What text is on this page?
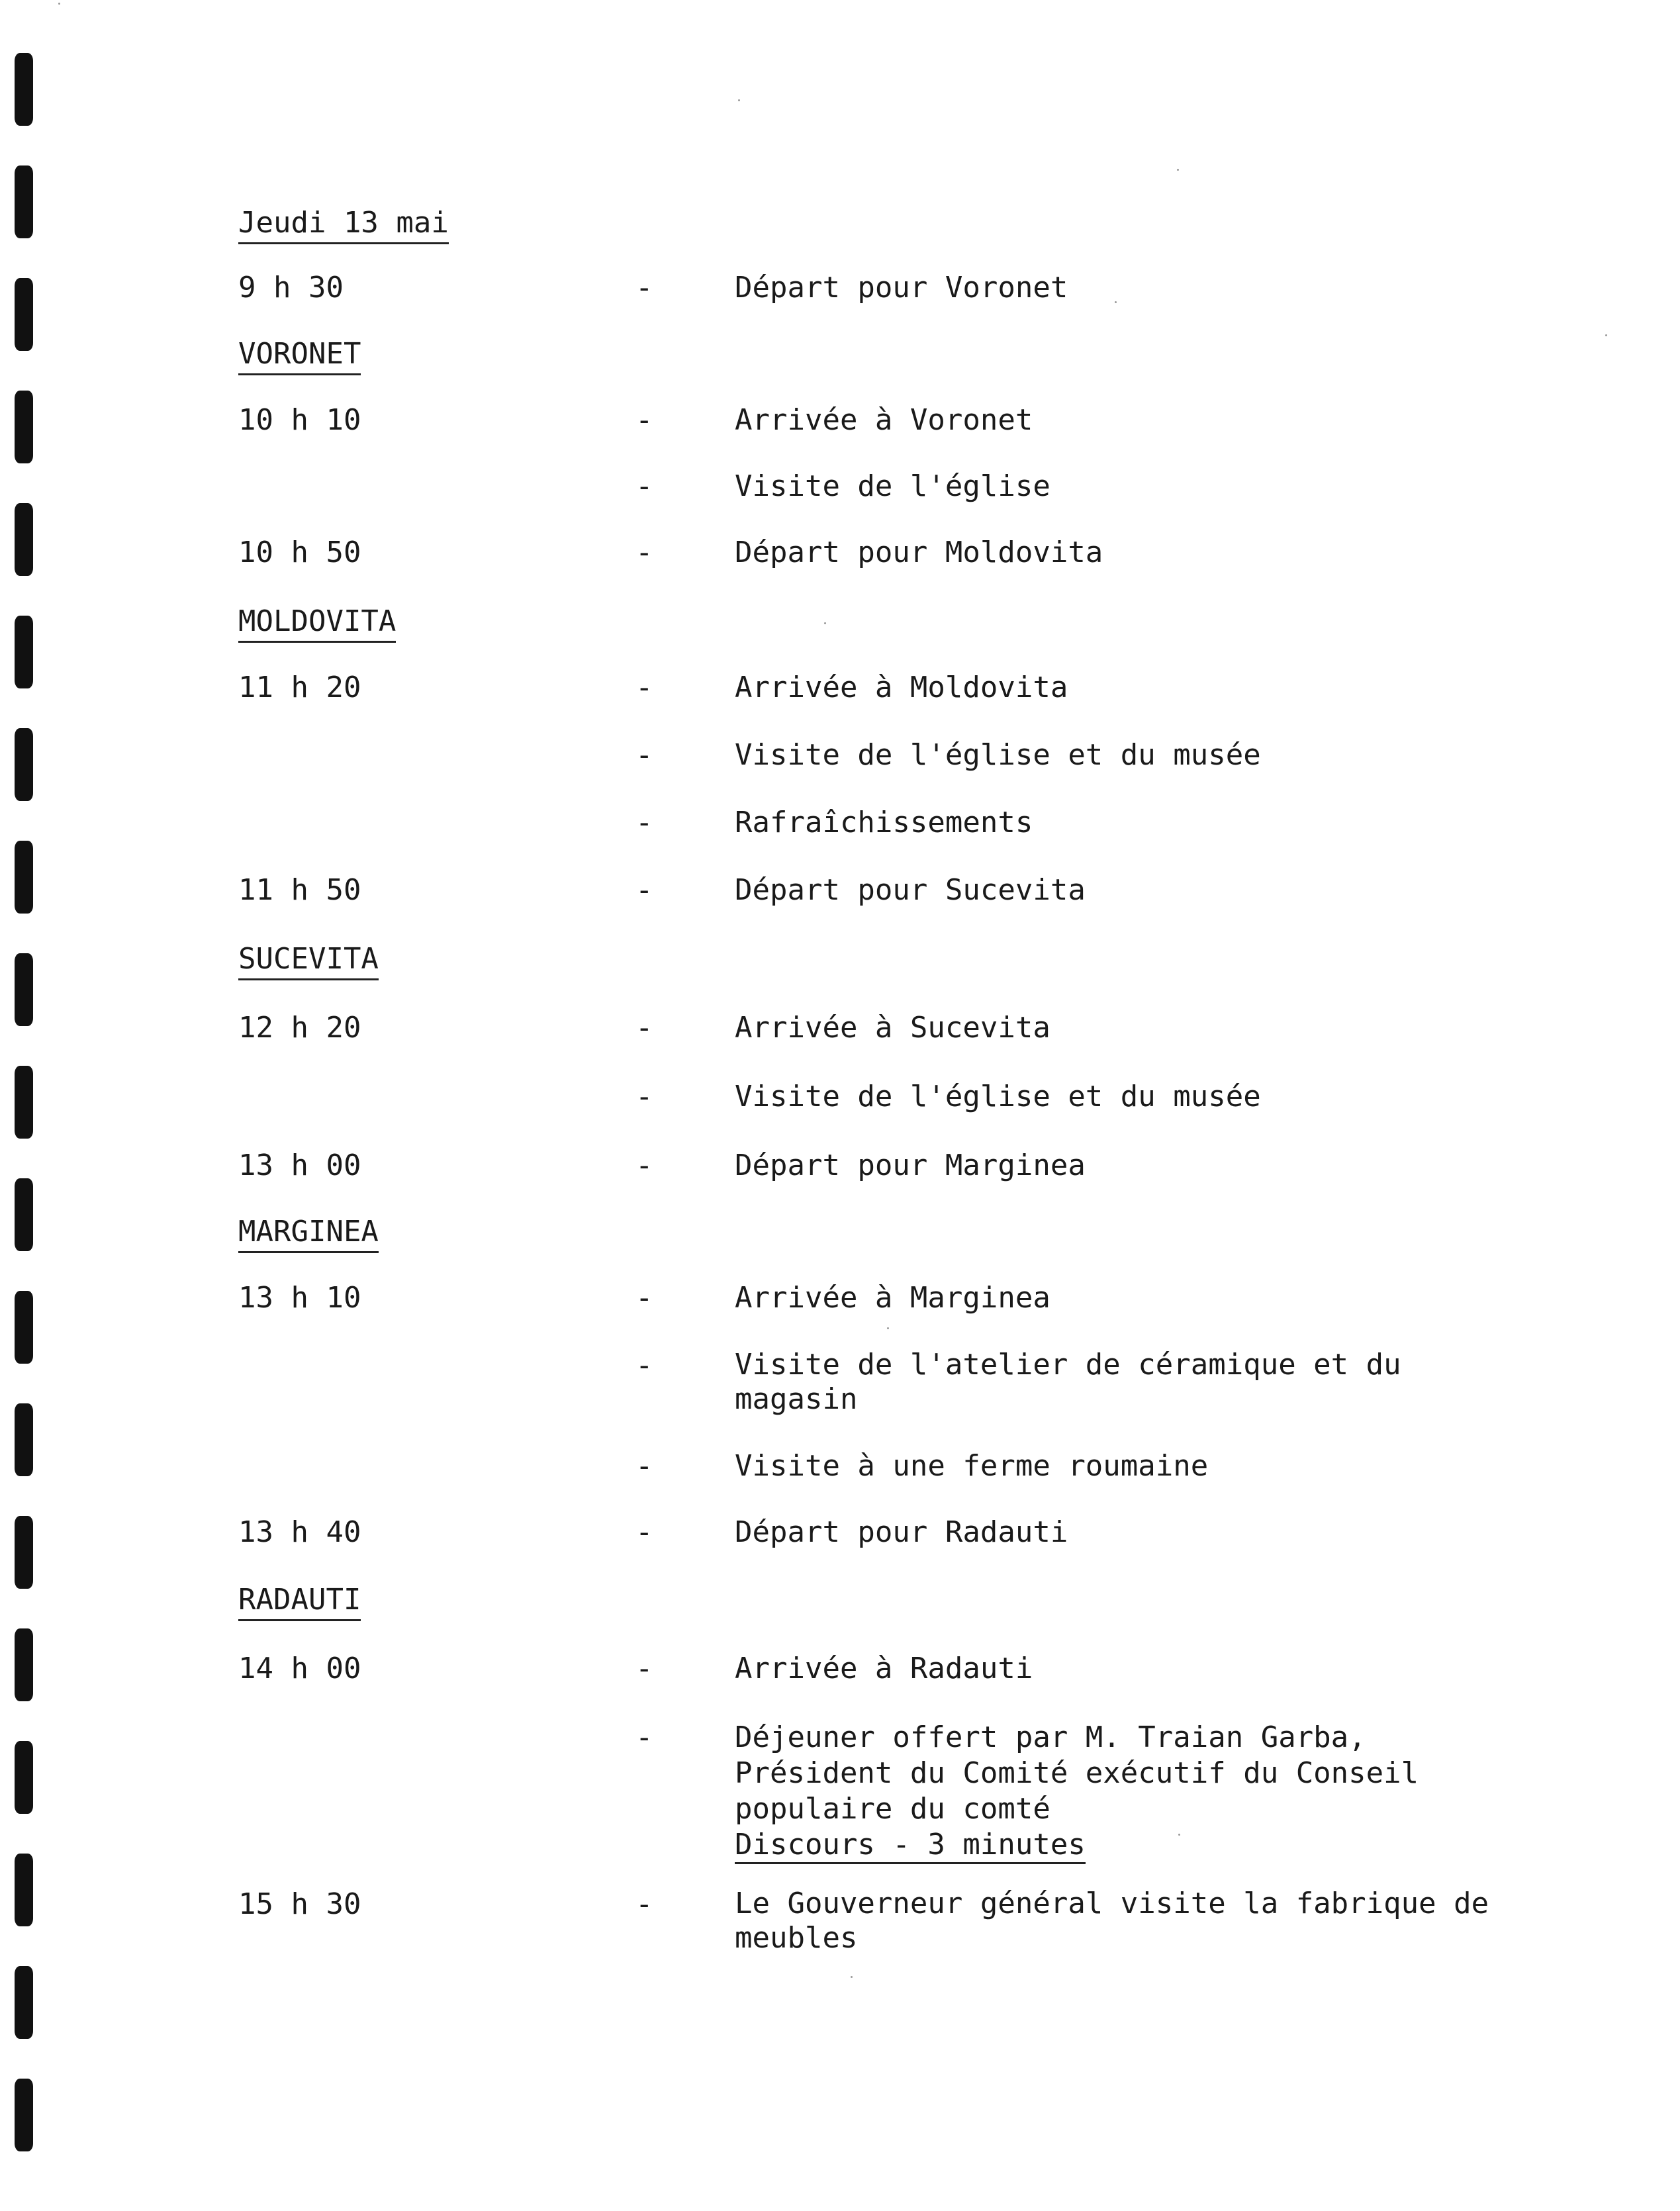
Jeudi 13 mai
9 h 30	-	Départ pour Voronet
VORONET
10 h 10	-	Arrivée à Voronet
-	Visite de l'église
10 h 50	-	Départ pour Moldovita
MOLDOVITA
11 h 20	-	Arrivée à Moldovita
-	Visite de l'église et du musée
-	Rafraîchissements
11 h 50	-	Départ pour Sucevita
SUCEVITA
12 h 20	-	Arrivée à Sucevita
-	Visite de l'église et du musée
13 h 00	-	Départ pour Marginea
MARGINEA
13 h 10	-	Arrivée à Marginea
-	Visite de l'atelier de céramique et du magasin
-	Visite à une ferme roumaine
13 h 40	-	Départ pour Radauti
RADAUTI
14 h 00	-	Arrivée à Radauti
-	Déjeuner offert par M. Traian Garba, Président du Comité exécutif du Conseil populaire du comté
Discours - 3 minutes
15 h 30	-	Le Gouverneur général visite la fabrique de meubles
